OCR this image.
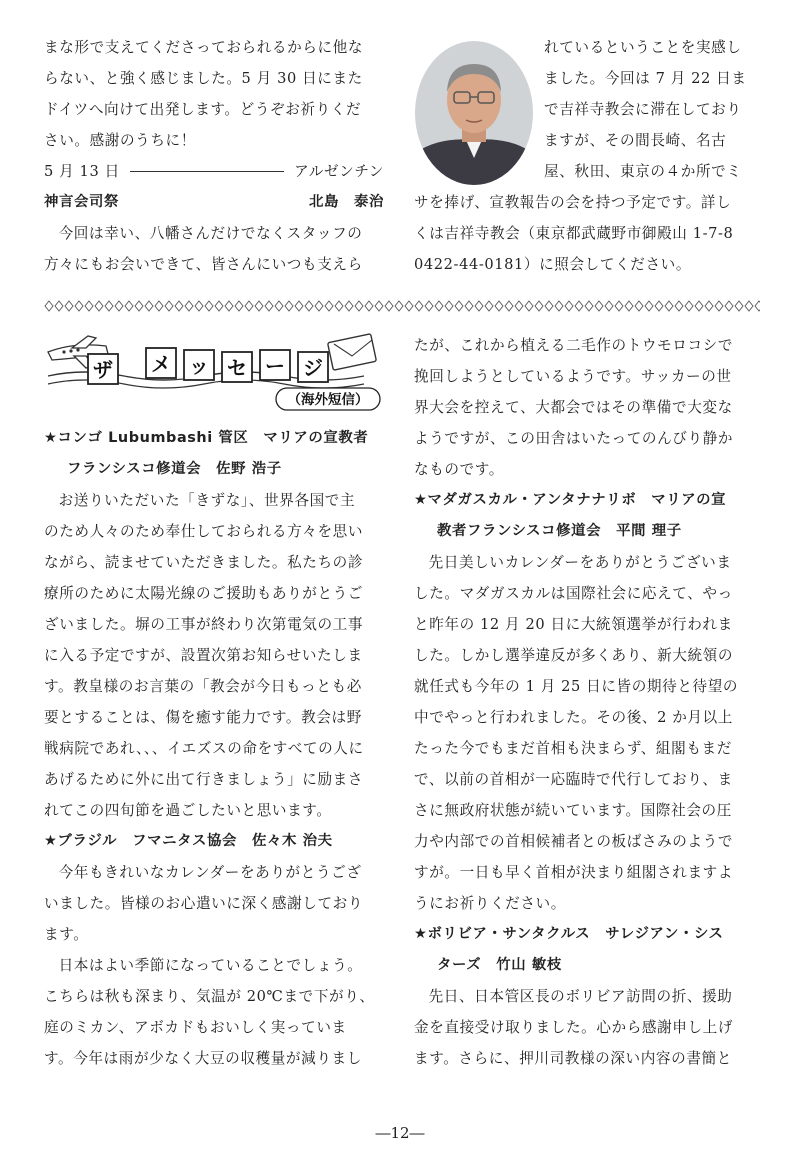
まな形で支えてくださっておられるからに他な

らない、と強く感じました。5 月 30 日にまた

ドイツへ向けて出発します。どうぞお祈りくだ

さい。感謝のうちに！

5 月 13 日	アルゼンチン
神言会司祭	北島　泰治

今回は幸い、八幡さんだけでなくスタッフの

方々にもお会いできて、皆さんにいつも支えら

れているということを実感し

ました。今回は 7 月 22 日ま

で吉祥寺教会に滞在しており

ますが、その間長崎、名古

屋、秋田、東京の４か所でミ

サを捧げ、宣教報告の会を持つ予定です。詳し

くは吉祥寺教会（東京都武蔵野市御殿山 1-7-8

0422-44-0181）に照会してください。

ザ メ ッ セ ー ジ
（海外短信）

★コンゴ Lubumbashi 管区　マリアの宣教者

フランシスコ修道会　佐野 浩子

お送りいただいた「きずな」、世界各国で主

のため人々のため奉仕しておられる方々を思い

ながら、読ませていただきました。私たちの診

療所のために太陽光線のご援助もありがとうご

ざいました。塀の工事が終わり次第電気の工事

に入る予定ですが、設置次第お知らせいたしま

す。教皇様のお言葉の「教会が今日もっとも必

要とすることは、傷を癒す能力です。教会は野

戦病院であれ、、、イエズスの命をすべての人に

あげるために外に出て行きましょう」に励まさ

れてこの四旬節を過ごしたいと思います。

★ブラジル　フマニタス協会　佐々木 治夫

今年もきれいなカレンダーをありがとうござ

いました。皆様のお心遣いに深く感謝しており

ます。

日本はよい季節になっていることでしょう。

こちらは秋も深まり、気温が 20℃まで下がり、

庭のミカン、アボカドもおいしく実っていま

す。今年は雨が少なく大豆の収穫量が減りまし

たが、これから植える二毛作のトウモロコシで

挽回しようとしているようです。サッカーの世

界大会を控えて、大都会ではその準備で大変な

ようですが、この田舎はいたってのんびり静か

なものです。

★マダガスカル・アンタナナリボ　マリアの宣

教者フランシスコ修道会　平間 理子

先日美しいカレンダーをありがとうございま

した。マダガスカルは国際社会に応えて、やっ

と昨年の 12 月 20 日に大統領選挙が行われま

した。しかし選挙違反が多くあり、新大統領の

就任式も今年の 1 月 25 日に皆の期待と待望の

中でやっと行われました。その後、2 か月以上

たった今でもまだ首相も決まらず、組閣もまだ

で、以前の首相が一応臨時で代行しており、ま

さに無政府状態が続いています。国際社会の圧

力や内部での首相候補者との板ばさみのようで

すが。一日も早く首相が決まり組閣されますよ

うにお祈りください。

★ボリビア・サンタクルス　サレジアン・シス

ターズ　竹山 敏枝

先日、日本管区長のボリビア訪問の折、援助

金を直接受け取りました。心から感謝申し上げ

ます。さらに、押川司教様の深い内容の書簡と

―12―
